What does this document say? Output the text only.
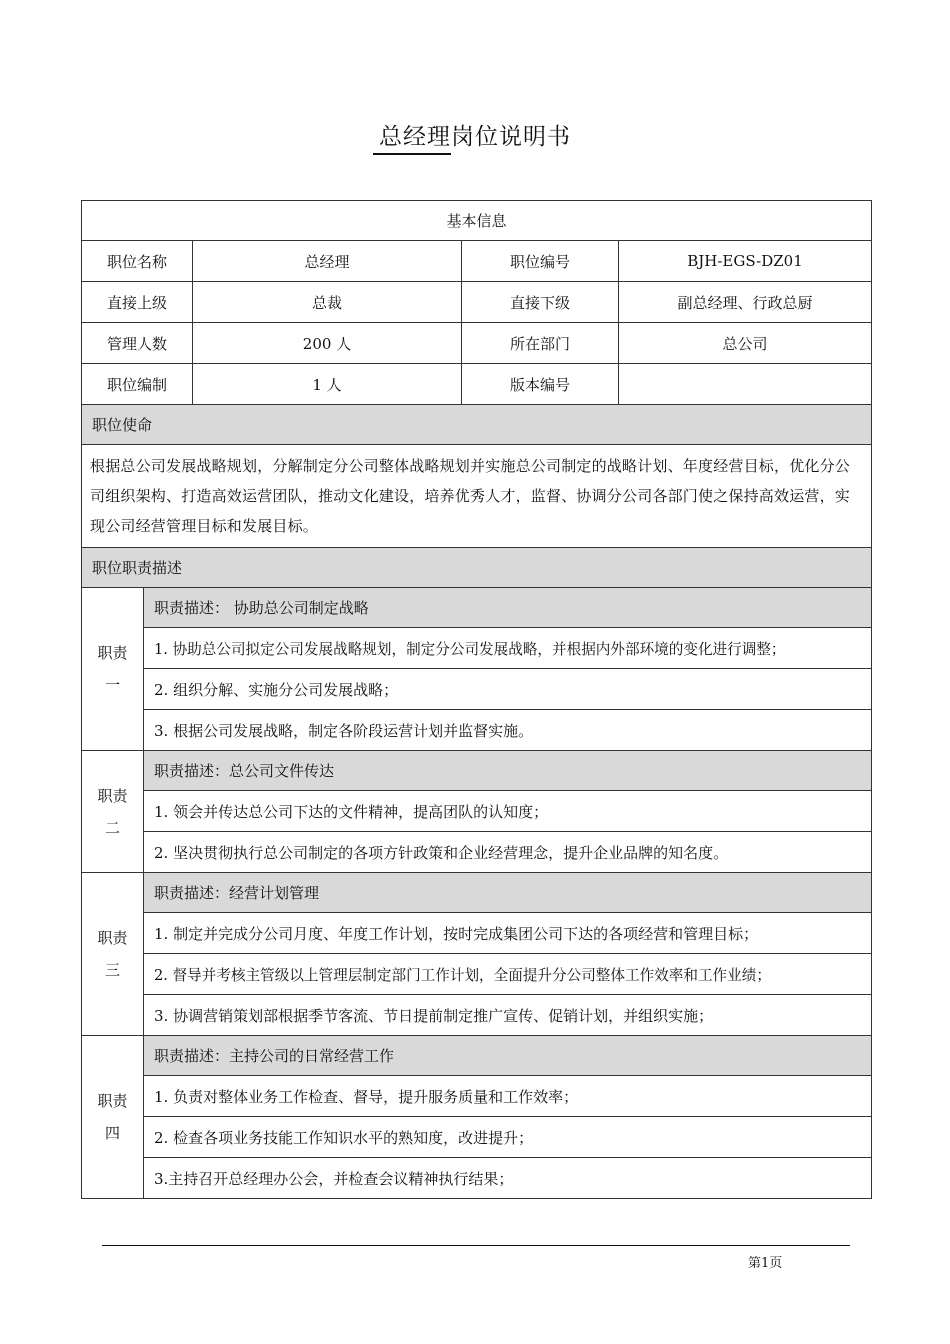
总经理岗位说明书
基本信息				
职位名称		总经理	职位编号	BJH-EGS-DZ01
直接上级		总裁	直接下级	副总经理、行政总厨
管理人数		200 人	所在部门	总公司
职位编制		1 人	版本编号	
职位使命				
根据总公司发展战略规划，分解制定分公司整体战略规划并实施总公司制定的战略计划、年度经营目标，优化分公司组织架构、打造高效运营团队，推动文化建设，培养优秀人才，监督、协调分公司各部门使之保持高效运营，实现公司经营管理目标和发展目标。				
职位职责描述				
职责
一	职责描述： 协助总公司制定战略			
	1. 协助总公司拟定公司发展战略规划，制定分公司发展战略，并根据内外部环境的变化进行调整；			
	2. 组织分解、实施分公司发展战略；			
	3. 根据公司发展战略，制定各阶段运营计划并监督实施。			
职责
二	职责描述：总公司文件传达			
	1. 领会并传达总公司下达的文件精神，提高团队的认知度；			
	2. 坚决贯彻执行总公司制定的各项方针政策和企业经营理念，提升企业品牌的知名度。			
职责
三	职责描述：经营计划管理			
	1. 制定并完成分公司月度、年度工作计划，按时完成集团公司下达的各项经营和管理目标；			
	2. 督导并考核主管级以上管理层制定部门工作计划，全面提升分公司整体工作效率和工作业绩；			
	3. 协调营销策划部根据季节客流、节日提前制定推广宣传、促销计划，并组织实施；			
职责
四	职责描述：主持公司的日常经营工作			
	1. 负责对整体业务工作检查、督导，提升服务质量和工作效率；			
	2. 检查各项业务技能工作知识水平的熟知度，改进提升；			
	3.主持召开总经理办公会，并检查会议精神执行结果；			
第1页
